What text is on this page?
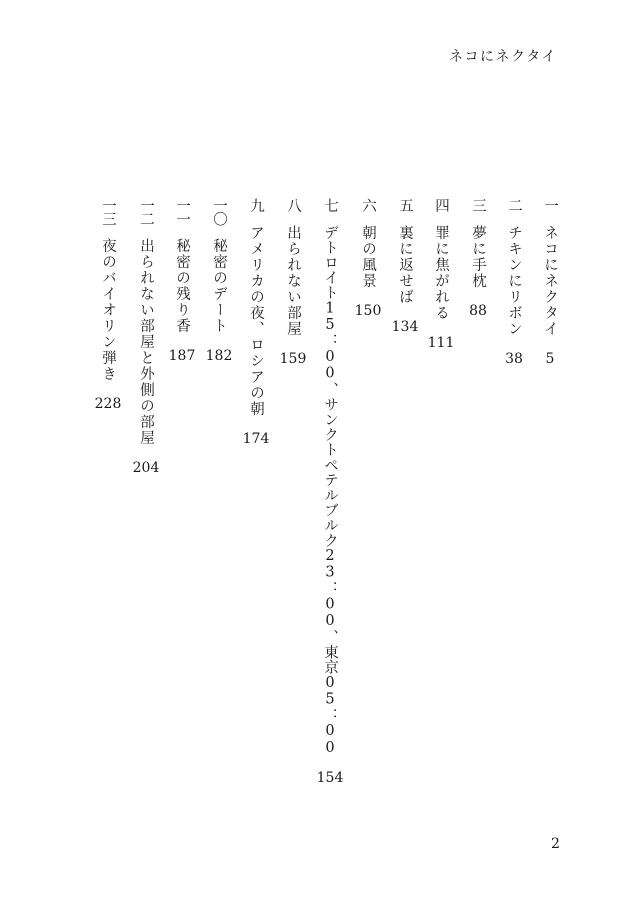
ネコにネクタイ
一
ネコにネクタイ
5
二
チキンにリボン
38
三
夢に手枕
88
四
罪に焦がれる
111
五
裏に返せば
134
六
朝の風景
150
七
デトロイト15：00、サンクトペテルブルク23：00、東京05：00
154
八
出られない部屋
159
九
アメリカの夜、ロシアの朝
174
一〇
秘密のデート
182
一一
秘密の残り香
187
一二
出られない部屋と外側の部屋
204
一三
夜のバイオリン弾き
228
2
